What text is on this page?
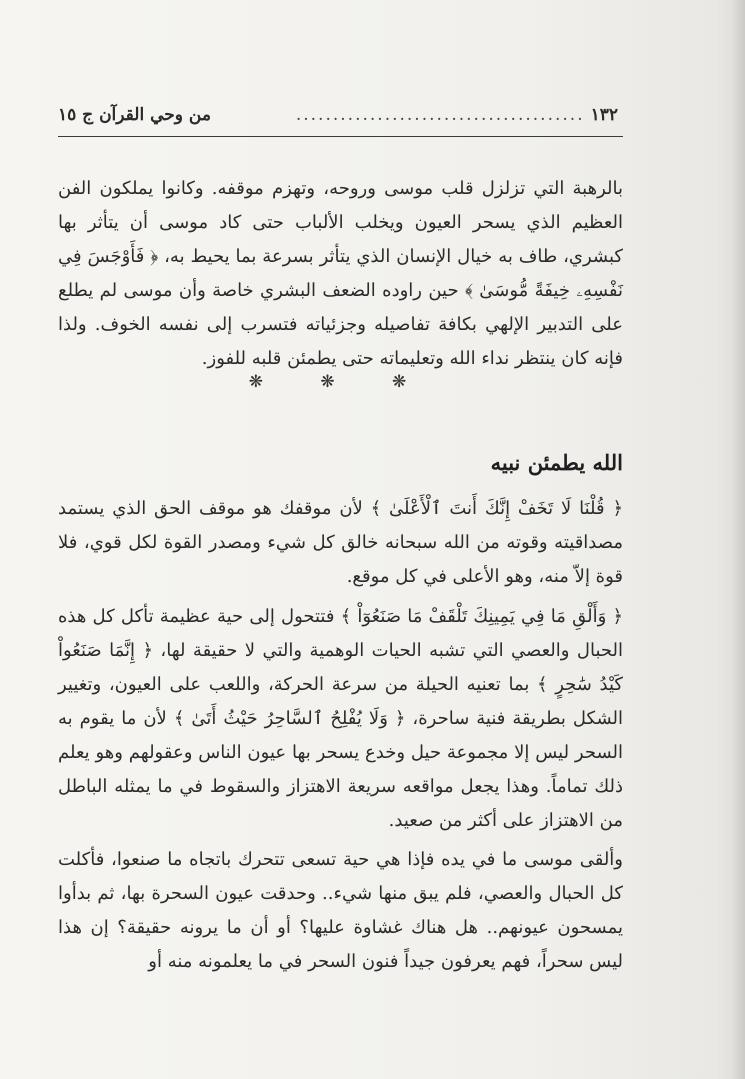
١٣٢
.......................................
من وحي القرآن ج ١٥

بالرهبة التي تزلزل قلب موسى وروحه، وتهزم موقفه. وكانوا يملكون الفن العظيم الذي يسحر العيون ويخلب الألباب حتى كاد موسى أن يتأثر بها كبشري، طاف به خيال الإنسان الذي يتأثر بسرعة بما يحيط به، ﴿ فَأَوْجَسَ فِي نَفْسِهِۦ خِيفَةً مُّوسَىٰ ﴾ حين راوده الضعف البشري خاصة وأن موسى لم يطلع على التدبير الإلهي بكافة تفاصيله وجزئياته فتسرب إلى نفسه الخوف. ولذا فإنه كان ينتظر نداء الله وتعليماته حتى يطمئن قلبه للفوز.

❋ ❋ ❋
الله يطمئن نبيه

﴿ قُلْنَا لَا تَخَفْ إِنَّكَ أَنتَ ٱلْأَعْلَىٰ ﴾ لأن موقفك هو موقف الحق الذي يستمد مصداقيته وقوته من الله سبحانه خالق كل شيء ومصدر القوة لكل قوي، فلا قوة إلاّ منه، وهو الأعلى في كل موقع.

﴿ وَأَلْقِ مَا فِي يَمِينِكَ تَلْقَفْ مَا صَنَعُوٓاْ ﴾ فتتحول إلى حية عظيمة تأكل كل هذه الحبال والعصي التي تشبه الحيات الوهمية والتي لا حقيقة لها، ﴿ إِنَّمَا صَنَعُواْ كَيْدُ سَٰحِرٍ ﴾ بما تعنيه الحيلة من سرعة الحركة، واللعب على العيون، وتغيير الشكل بطريقة فنية ساحرة، ﴿ وَلَا يُفْلِحُ ٱلسَّاحِرُ حَيْثُ أَتَىٰ ﴾ لأن ما يقوم به السحر ليس إلا مجموعة حيل وخدع يسحر بها عيون الناس وعقولهم وهو يعلم ذلك تماماً. وهذا يجعل مواقعه سريعة الاهتزاز والسقوط في ما يمثله الباطل من الاهتزاز على أكثر من صعيد.

وألقى موسى ما في يده فإذا هي حية تسعى تتحرك باتجاه ما صنعوا، فأكلت كل الحبال والعصي، فلم يبق منها شيء.. وحدقت عيون السحرة بها، ثم بدأوا يمسحون عيونهم.. هل هناك غشاوة عليها؟ أو أن ما يرونه حقيقة؟ إن هذا ليس سحراً، فهم يعرفون جيداً فنون السحر في ما يعلمونه منه أو
